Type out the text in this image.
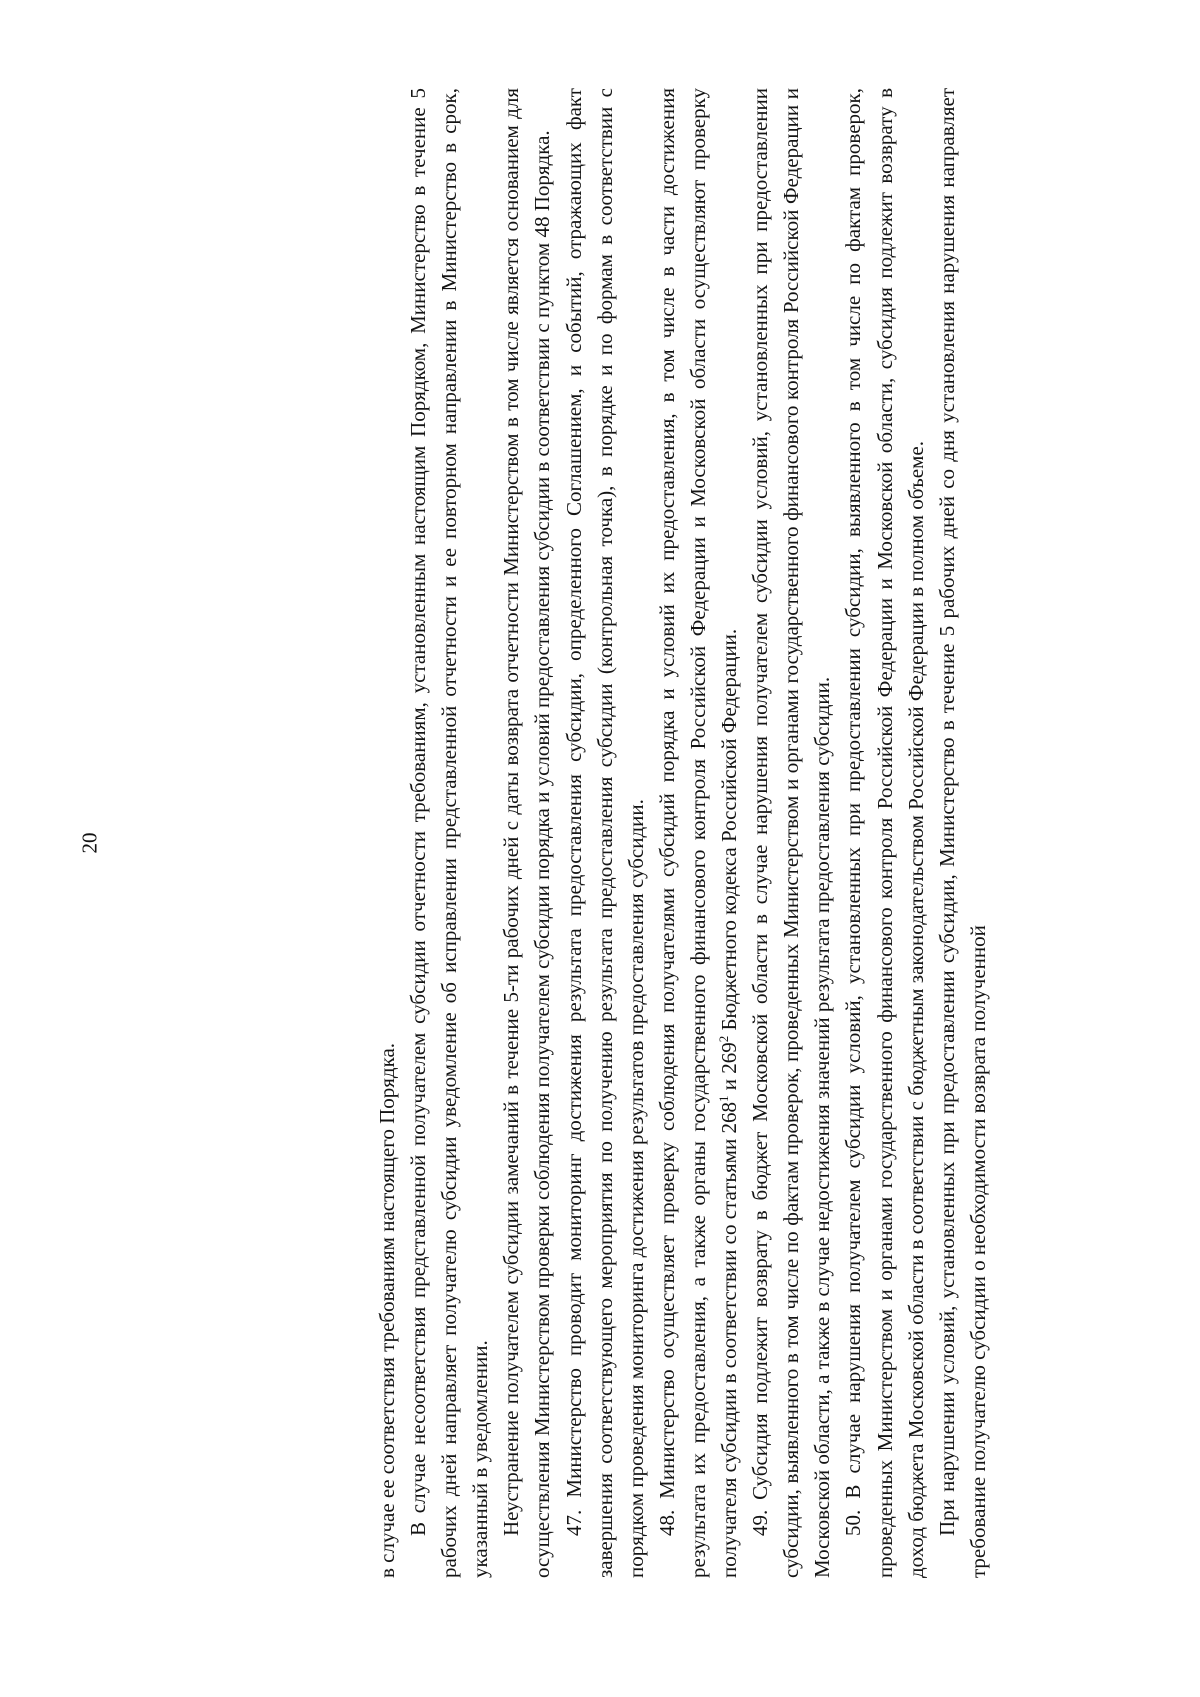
20

в случае ее соответствия требованиям настоящего Порядка. В случае несоответствия представленной получателем субсидии отчетности требованиям, установленным настоящим Порядком, Министерство в течение 5 рабочих дней направляет получателю субсидии уведомление об исправлении представленной отчетности и ее повторном направлении в Министерство в срок, указанный в уведомлении. Неустранение получателем субсидии замечаний в течение 5-ти рабочих дней с даты возврата отчетности Министерством в том числе является основанием для осуществления Министерством проверки соблюдения получателем субсидии порядка и условий предоставления субсидии в соответствии с пунктом 48 Порядка. 47. Министерство проводит мониторинг достижения результата предоставления субсидии, определенного Соглашением, и событий, отражающих факт завершения соответствующего мероприятия по получению результата предоставления субсидии (контрольная точка), в порядке и по формам в соответствии с порядком проведения мониторинга достижения результатов предоставления субсидии. 48. Министерство осуществляет проверку соблюдения получателями субсидий порядка и условий их предоставления, в том числе в части достижения результата их предоставления, а также органы государственного финансового контроля Российской Федерации и Московской области осуществляют проверку получателя субсидии в соответствии со статьями $268^1$ и $269^2$ Бюджетного кодекса Российской Федерации. 49. Субсидия подлежит возврату в бюджет Московской области в случае нарушения получателем субсидии условий, установленных при предоставлении субсидии, выявленного в том числе по фактам проверок, проведенных Министерством и органами государственного финансового контроля Российской Федерации и Московской области, а также в случае недостижения значений результата предоставления субсидии. 50. В случае нарушения получателем субсидии условий, установленных при предоставлении субсидии, выявленного в том числе по фактам проверок, проведенных Министерством и органами государственного финансового контроля Российской Федерации и Московской области, субсидия подлежит возврату в доход бюджета Московской области в соответствии с бюджетным законодательством Российской Федерации в полном объеме. При нарушении условий, установленных при предоставлении субсидии, Министерство в течение 5 рабочих дней со дня установления нарушения направляет требование получателю субсидии о необходимости возврата полученной
